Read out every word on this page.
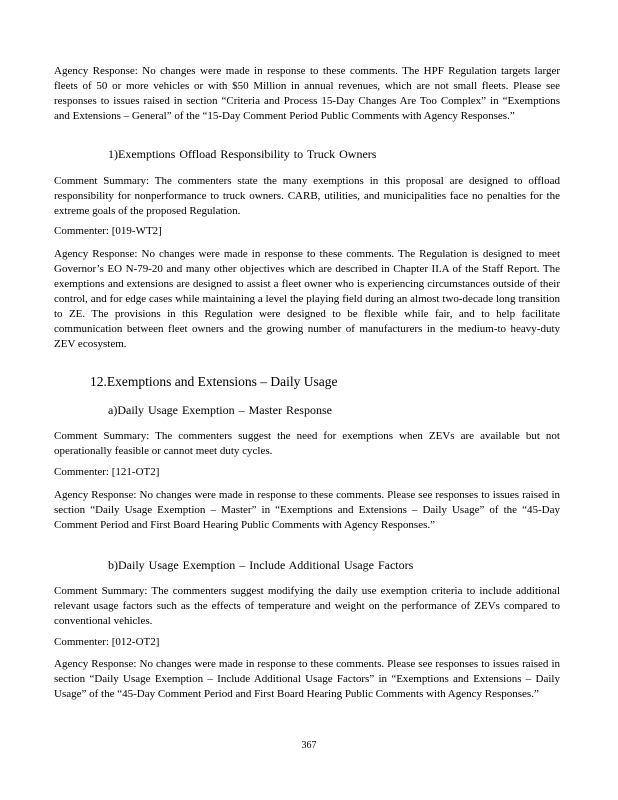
Agency Response: No changes were made in response to these comments. The HPF Regulation targets larger fleets of 50 or more vehicles or with $50 Million in annual revenues, which are not small fleets. Please see responses to issues raised in section “Criteria and Process 15-Day Changes Are Too Complex” in “Exemptions and Extensions – General” of the “15-Day Comment Period Public Comments with Agency Responses.”

1)Exemptions Offload Responsibility to Truck Owners

Comment Summary: The commenters state the many exemptions in this proposal are designed to offload responsibility for nonperformance to truck owners. CARB, utilities, and municipalities face no penalties for the extreme goals of the proposed Regulation.

Commenter: [019-WT2]

Agency Response: No changes were made in response to these comments. The Regulation is designed to meet Governor’s EO N-79-20 and many other objectives which are described in Chapter II.A of the Staff Report. The exemptions and extensions are designed to assist a fleet owner who is experiencing circumstances outside of their control, and for edge cases while maintaining a level the playing field during an almost two-decade long transition to ZE. The provisions in this Regulation were designed to be flexible while fair, and to help facilitate communication between fleet owners and the growing number of manufacturers in the medium-to heavy-duty ZEV ecosystem.

12.Exemptions and Extensions – Daily Usage

a)Daily Usage Exemption – Master Response

Comment Summary: The commenters suggest the need for exemptions when ZEVs are available but not operationally feasible or cannot meet duty cycles.

Commenter: [121-OT2]

Agency Response: No changes were made in response to these comments. Please see responses to issues raised in section “Daily Usage Exemption – Master” in “Exemptions and Extensions – Daily Usage” of the “45-Day Comment Period and First Board Hearing Public Comments with Agency Responses.”

b)Daily Usage Exemption – Include Additional Usage Factors

Comment Summary: The commenters suggest modifying the daily use exemption criteria to include additional relevant usage factors such as the effects of temperature and weight on the performance of ZEVs compared to conventional vehicles.

Commenter: [012-OT2]

Agency Response: No changes were made in response to these comments. Please see responses to issues raised in section “Daily Usage Exemption – Include Additional Usage Factors” in “Exemptions and Extensions – Daily Usage” of the “45-Day Comment Period and First Board Hearing Public Comments with Agency Responses.”

367
